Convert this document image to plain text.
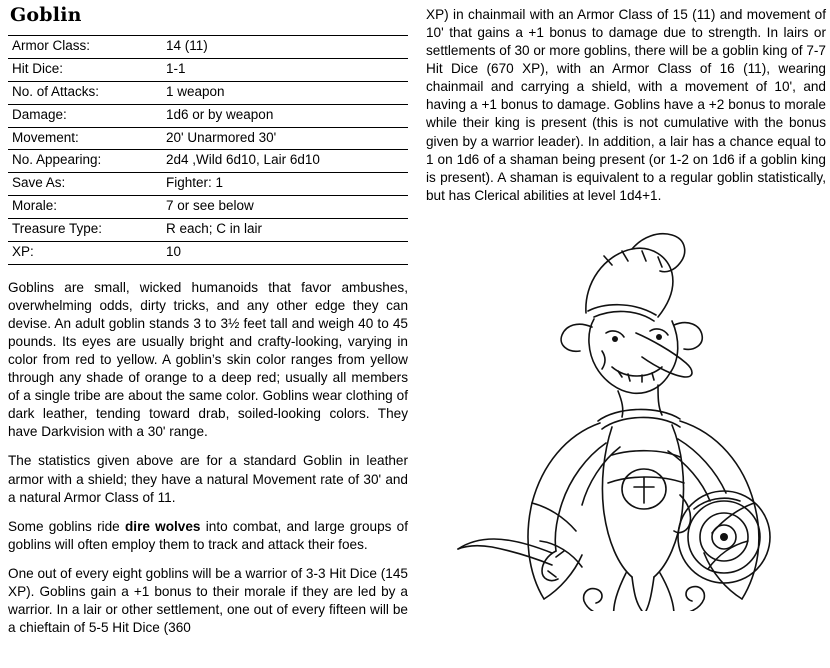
Goblin
Armor Class:	14 (11)
Hit Dice:	1-1
No. of Attacks:	1 weapon
Damage:	1d6 or by weapon
Movement:	20' Unarmored 30'
No. Appearing:	2d4 ,Wild 6d10, Lair 6d10
Save As:	Fighter: 1
Morale:	7 or see below
Treasure Type:	R each; C in lair
XP:	10

Goblins are small, wicked humanoids that favor ambushes, overwhelming odds, dirty tricks, and any other edge they can devise. An adult goblin stands 3 to 3½ feet tall and weigh 40 to 45 pounds. Its eyes are usually bright and crafty-looking, varying in color from red to yellow. A goblin’s skin color ranges from yellow through any shade of orange to a deep red; usually all members of a single tribe are about the same color. Goblins wear clothing of dark leather, tending toward drab, soiled-looking colors. They have Darkvision with a 30' range.

The statistics given above are for a standard Goblin in leather armor with a shield; they have a natural Movement rate of 30' and a natural Armor Class of 11.

Some goblins ride dire wolves into combat, and large groups of goblins will often employ them to track and attack their foes.

One out of every eight goblins will be a warrior of 3-3 Hit Dice (145 XP). Goblins gain a +1 bonus to their morale if they are led by a warrior. In a lair or other settlement, one out of every fifteen will be a chieftain of 5-5 Hit Dice (360

XP) in chainmail with an Armor Class of 15 (11) and movement of 10' that gains a +1 bonus to damage due to strength. In lairs or settlements of 30 or more goblins, there will be a goblin king of 7-7 Hit Dice (670 XP), with an Armor Class of 16 (11), wearing chainmail and carrying a shield, with a movement of 10', and having a +1 bonus to damage. Goblins have a +2 bonus to morale while their king is present (this is not cumulative with the bonus given by a warrior leader). In addition, a lair has a chance equal to 1 on 1d6 of a shaman being present (or 1-2 on 1d6 if a goblin king is present). A shaman is equivalent to a regular goblin statistically, but has Clerical abilities at level 1d4+1.
